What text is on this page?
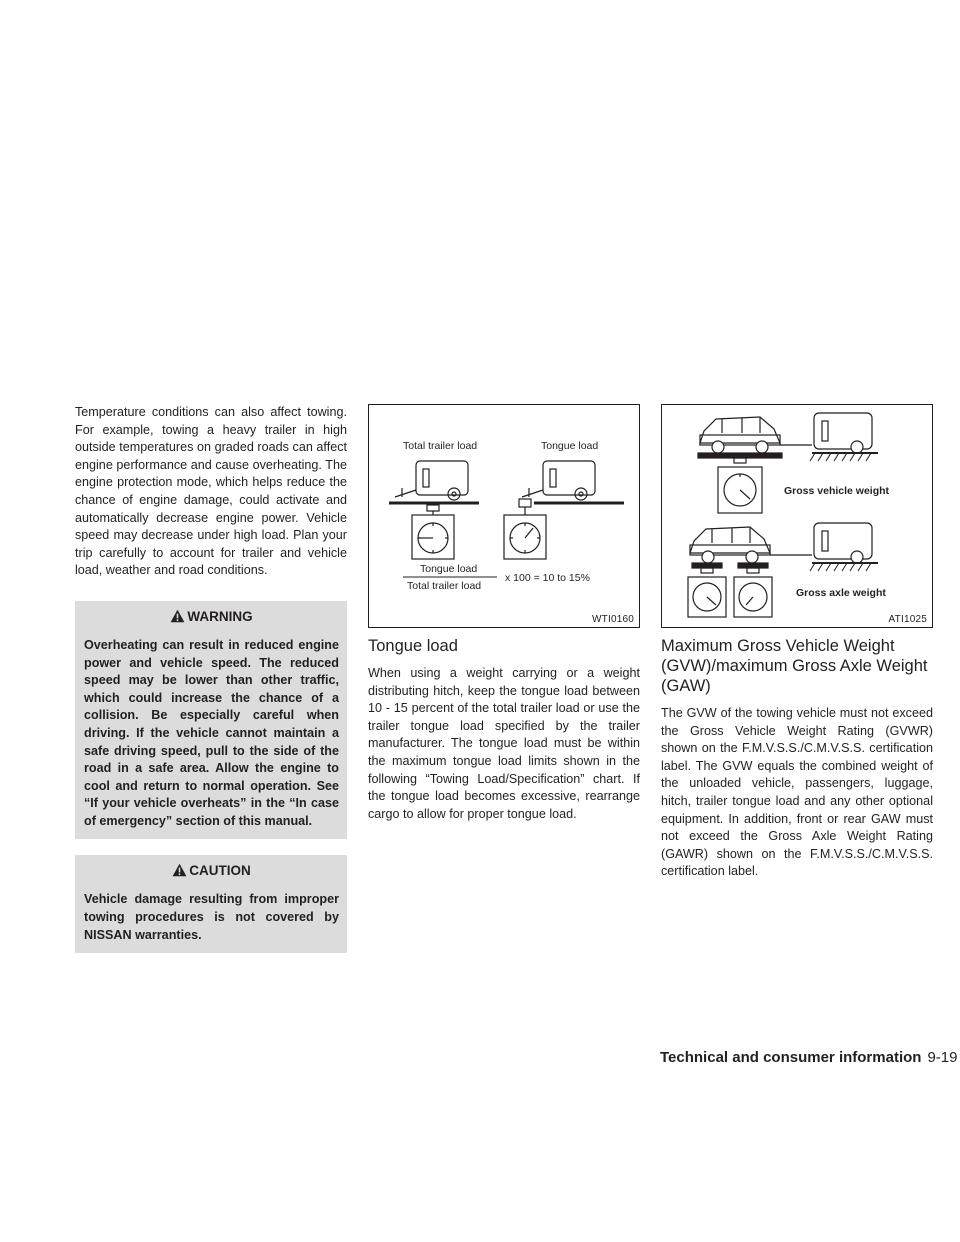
Temperature conditions can also affect towing. For example, towing a heavy trailer in high outside temperatures on graded roads can affect engine performance and cause overheating. The engine protection mode, which helps reduce the chance of engine damage, could activate and automatically decrease engine power. Vehicle speed may decrease under high load. Plan your trip carefully to account for trailer and vehicle load, weather and road conditions.

WARNING

Overheating can result in reduced engine power and vehicle speed. The reduced speed may be lower than other traffic, which could increase the chance of a collision. Be especially careful when driving. If the vehicle cannot maintain a safe driving speed, pull to the side of the road in a safe area. Allow the engine to cool and return to normal operation. See “If your vehicle overheats” in the “In case of emergency” section of this manual.

CAUTION

Vehicle damage resulting from improper towing procedures is not covered by NISSAN warranties.

Total trailer load	Tongue load
Tongue load
Total trailer load
x 100 = 10 to 15%
WTI0160
Tongue load

When using a weight carrying or a weight distributing hitch, keep the tongue load between 10 - 15 percent of the total trailer load or use the trailer tongue load specified by the trailer manufacturer. The tongue load must be within the maximum tongue load limits shown in the following “Towing Load/Specification” chart. If the tongue load becomes excessive, rearrange cargo to allow for proper tongue load.

Gross vehicle weight
Gross axle weight
ATI1025
Maximum Gross Vehicle Weight (GVW)/maximum Gross Axle Weight (GAW)

The GVW of the towing vehicle must not exceed the Gross Vehicle Weight Rating (GVWR) shown on the F.M.V.S.S./C.M.V.S.S. certification label. The GVW equals the combined weight of the unloaded vehicle, passengers, luggage, hitch, trailer tongue load and any other optional equipment. In addition, front or rear GAW must not exceed the Gross Axle Weight Rating (GAWR) shown on the F.M.V.S.S./C.M.V.S.S. certification label.

Technical and consumer information 9-19
